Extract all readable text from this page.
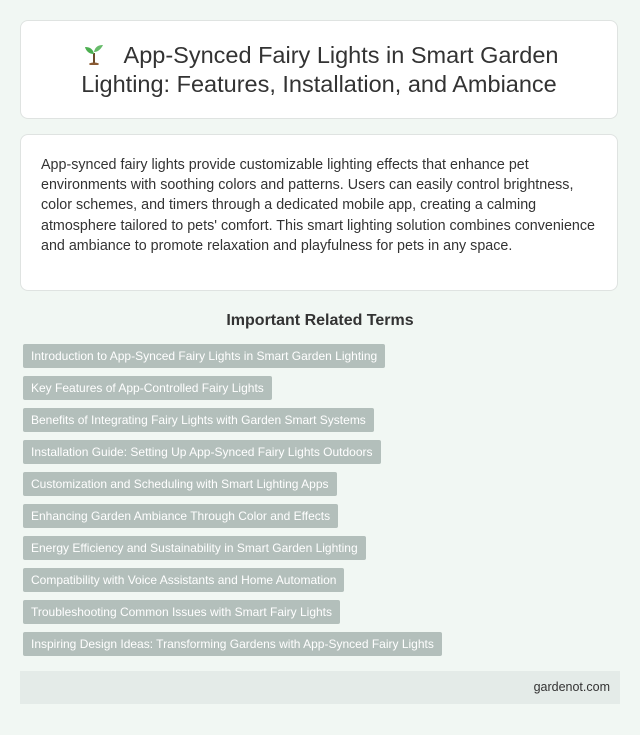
App-Synced Fairy Lights in Smart Garden Lighting: Features, Installation, and Ambiance

App-synced fairy lights provide customizable lighting effects that enhance pet environments with soothing colors and patterns. Users can easily control brightness, color schemes, and timers through a dedicated mobile app, creating a calming atmosphere tailored to pets' comfort. This smart lighting solution combines convenience and ambiance to promote relaxation and playfulness for pets in any space.

Important Related Terms
Introduction to App-Synced Fairy Lights in Smart Garden Lighting
Key Features of App-Controlled Fairy Lights
Benefits of Integrating Fairy Lights with Garden Smart Systems
Installation Guide: Setting Up App-Synced Fairy Lights Outdoors
Customization and Scheduling with Smart Lighting Apps
Enhancing Garden Ambiance Through Color and Effects
Energy Efficiency and Sustainability in Smart Garden Lighting
Compatibility with Voice Assistants and Home Automation
Troubleshooting Common Issues with Smart Fairy Lights
Inspiring Design Ideas: Transforming Gardens with App-Synced Fairy Lights
gardenot.com
